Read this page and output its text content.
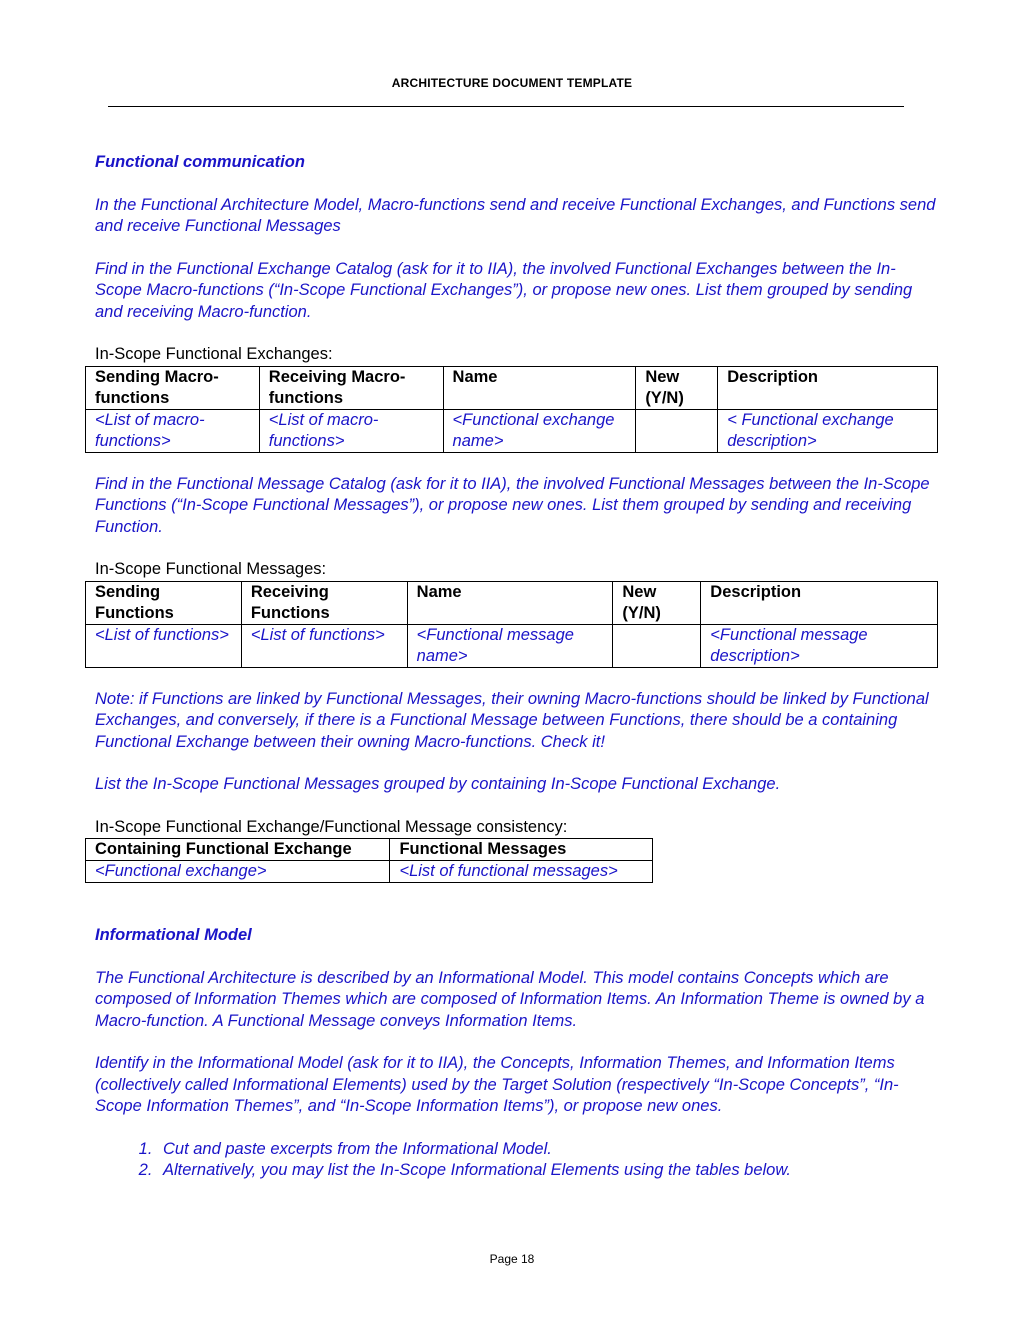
ARCHITECTURE DOCUMENT TEMPLATE

Functional communication

In the Functional Architecture Model, Macro-functions send and receive Functional Exchanges, and Functions send and receive Functional Messages

Find in the Functional Exchange Catalog (ask for it to IIA), the involved Functional Exchanges between the In-Scope Macro-functions (“In-Scope Functional Exchanges”), or propose new ones. List them grouped by sending and receiving Macro-function.

In-Scope Functional Exchanges:

Sending Macro-functions	Receiving Macro-functions	Name	New (Y/N)	Description
<List of macro-functions>	<List of macro-functions>	<Functional exchange name>		< Functional exchange description>

Find in the Functional Message Catalog (ask for it to IIA), the involved Functional Messages between the In-Scope Functions (“In-Scope Functional Messages”), or propose new ones. List them grouped by sending and receiving Function.

In-Scope Functional Messages:

Sending Functions	Receiving Functions	Name	New (Y/N)	Description
<List of functions>	<List of functions>	<Functional message name>		<Functional message description>

Note: if Functions are linked by Functional Messages, their owning Macro-functions should be linked by Functional Exchanges, and conversely, if there is a Functional Message between Functions, there should be a containing Functional Exchange between their owning Macro-functions. Check it!

List the In-Scope Functional Messages grouped by containing In-Scope Functional Exchange.

In-Scope Functional Exchange/Functional Message consistency:

Containing Functional Exchange	Functional Messages
<Functional exchange>	<List of functional messages>

Informational Model

The Functional Architecture is described by an Informational Model. This model contains Concepts which are composed of Information Themes which are composed of Information Items. An Information Theme is owned by a Macro-function. A Functional Message conveys Information Items.

Identify in the Informational Model (ask for it to IIA), the Concepts, Information Themes, and Information Items (collectively called Informational Elements) used by the Target Solution (respectively “In-Scope Concepts”, “In-Scope Information Themes”, and “In-Scope Information Items”), or propose new ones.

1. Cut and paste excerpts from the Informational Model.
2. Alternatively, you may list the In-Scope Informational Elements using the tables below.
Page 18
